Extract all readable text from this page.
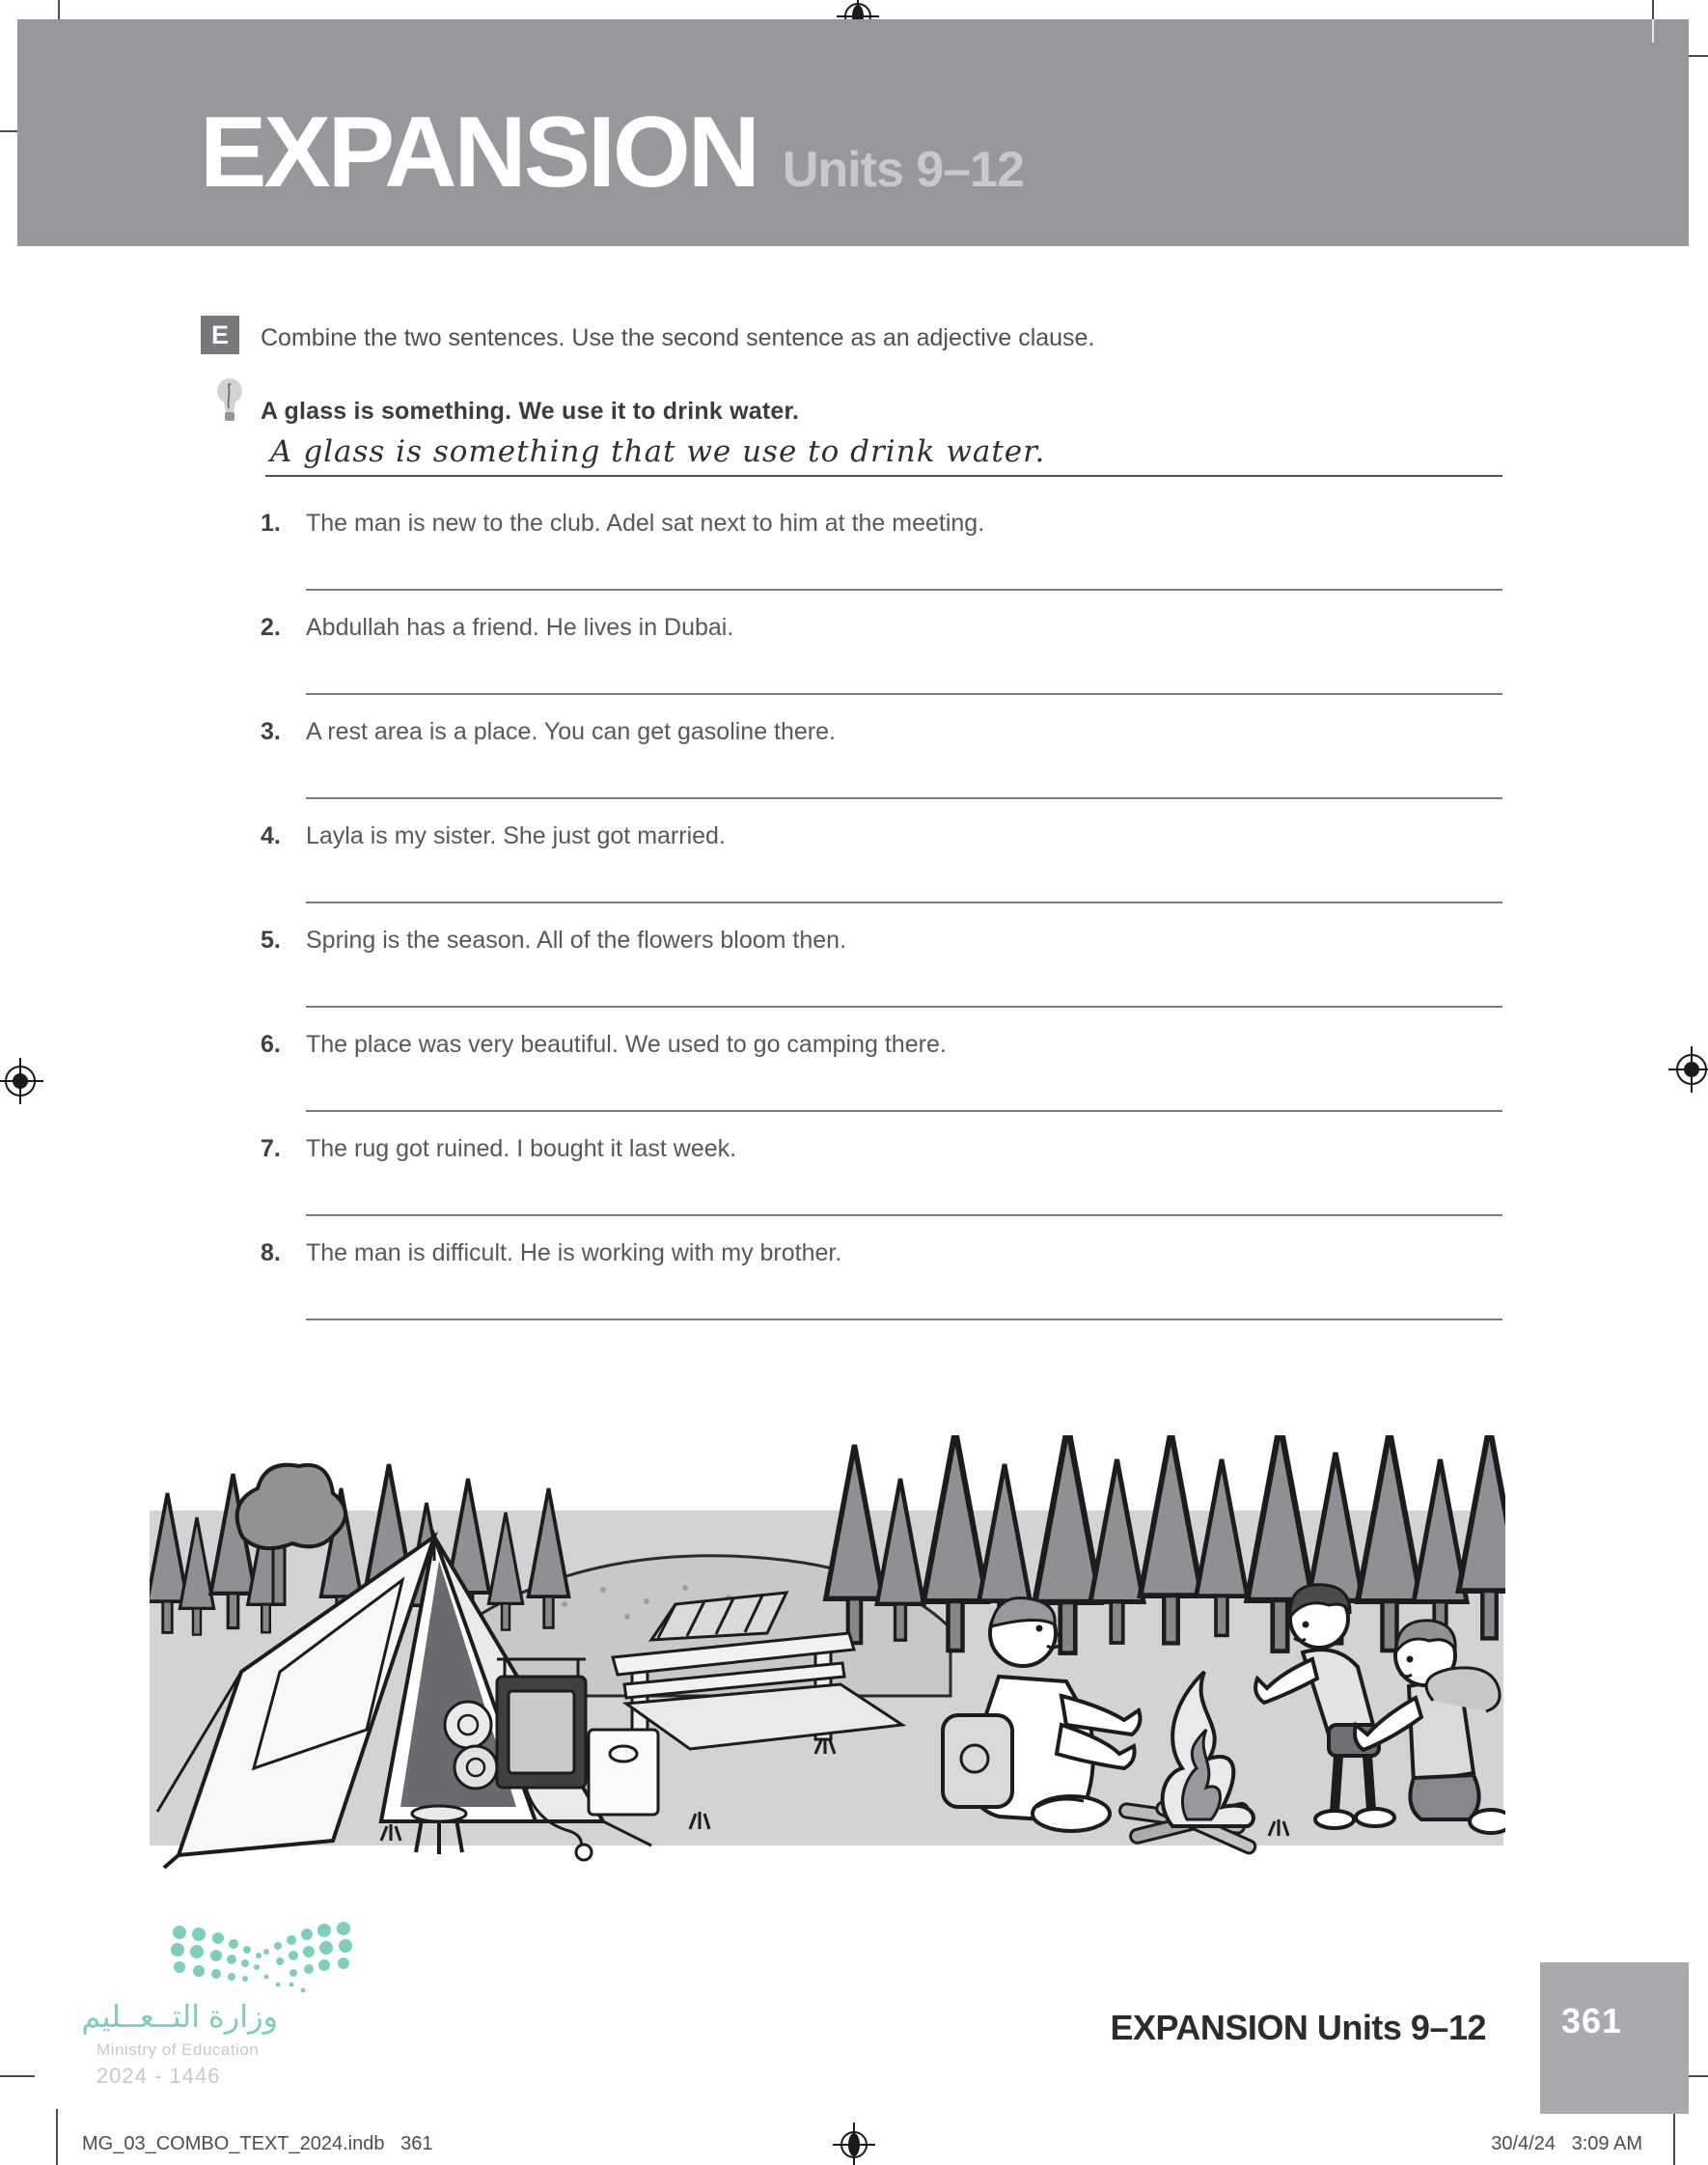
EXPANSION Units 9–12
E Combine the two sentences. Use the second sentence as an adjective clause.
A glass is something. We use it to drink water.
A glass is something that we use to drink water.
1.	The man is new to the club. Adel sat next to him at the meeting.
2.	Abdullah has a friend. He lives in Dubai.
3.	A rest area is a place. You can get gasoline there.
4.	Layla is my sister. She just got married.
5.	Spring is the season. All of the flowers bloom then.
6.	The place was very beautiful. We used to go camping there.
7.	The rug got ruined. I bought it last week.
8.	The man is difficult. He is working with my brother.
EXPANSION Units 9–12 361
وزارة التــعــليم
Ministry of Education
2024 - 1446
MG_03_COMBO_TEXT_2024.indb   361	30/4/24   3:09 AM
